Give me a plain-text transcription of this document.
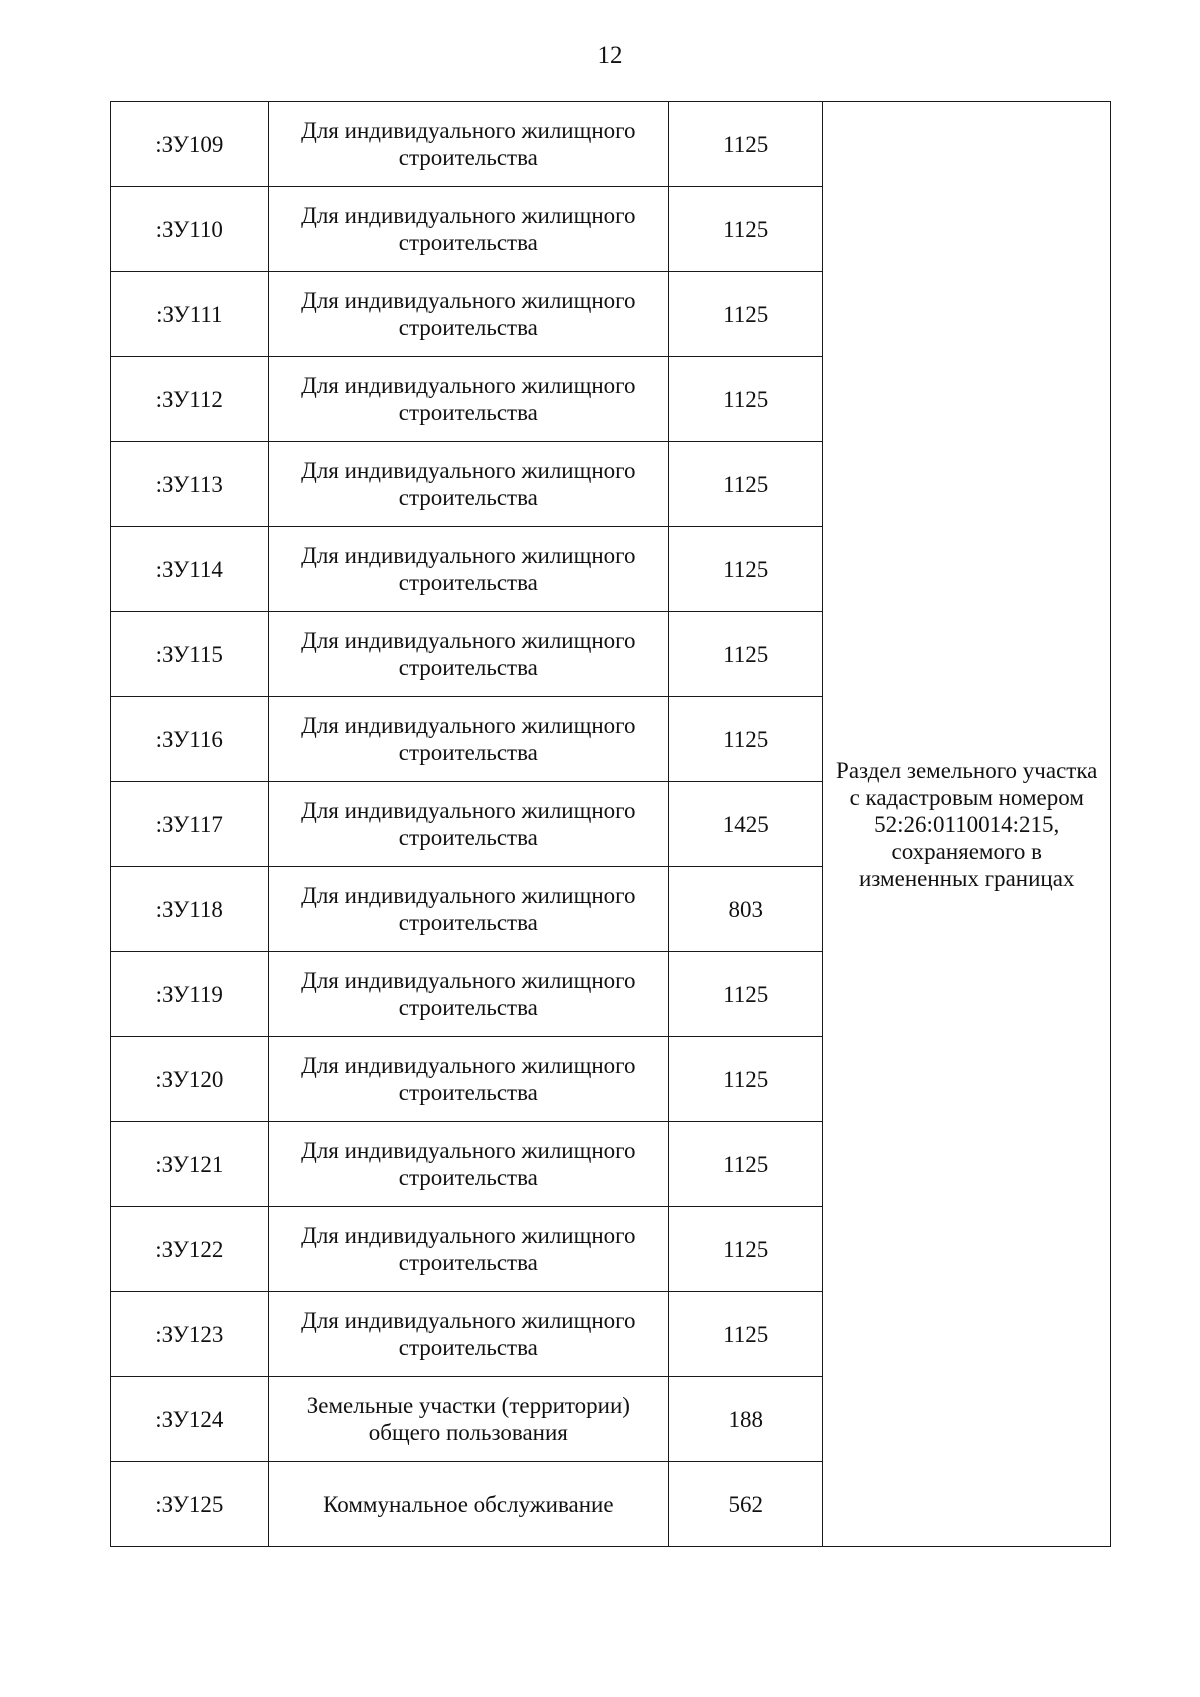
12
:ЗУ109	Для индивидуального жилищного строительства	1125	Раздел земельного участка с кадастровым номером 52:26:0110014:215, сохраняемого в измененных границах
:ЗУ110	Для индивидуального жилищного строительства	1125	
:ЗУ111	Для индивидуального жилищного строительства	1125	
:ЗУ112	Для индивидуального жилищного строительства	1125	
:ЗУ113	Для индивидуального жилищного строительства	1125	
:ЗУ114	Для индивидуального жилищного строительства	1125	
:ЗУ115	Для индивидуального жилищного строительства	1125	
:ЗУ116	Для индивидуального жилищного строительства	1125	
:ЗУ117	Для индивидуального жилищного строительства	1425	
:ЗУ118	Для индивидуального жилищного строительства	803	
:ЗУ119	Для индивидуального жилищного строительства	1125	
:ЗУ120	Для индивидуального жилищного строительства	1125	
:ЗУ121	Для индивидуального жилищного строительства	1125	
:ЗУ122	Для индивидуального жилищного строительства	1125	
:ЗУ123	Для индивидуального жилищного строительства	1125	
:ЗУ124	Земельные участки (территории) общего пользования	188	
:ЗУ125	Коммунальное обслуживание	562	
